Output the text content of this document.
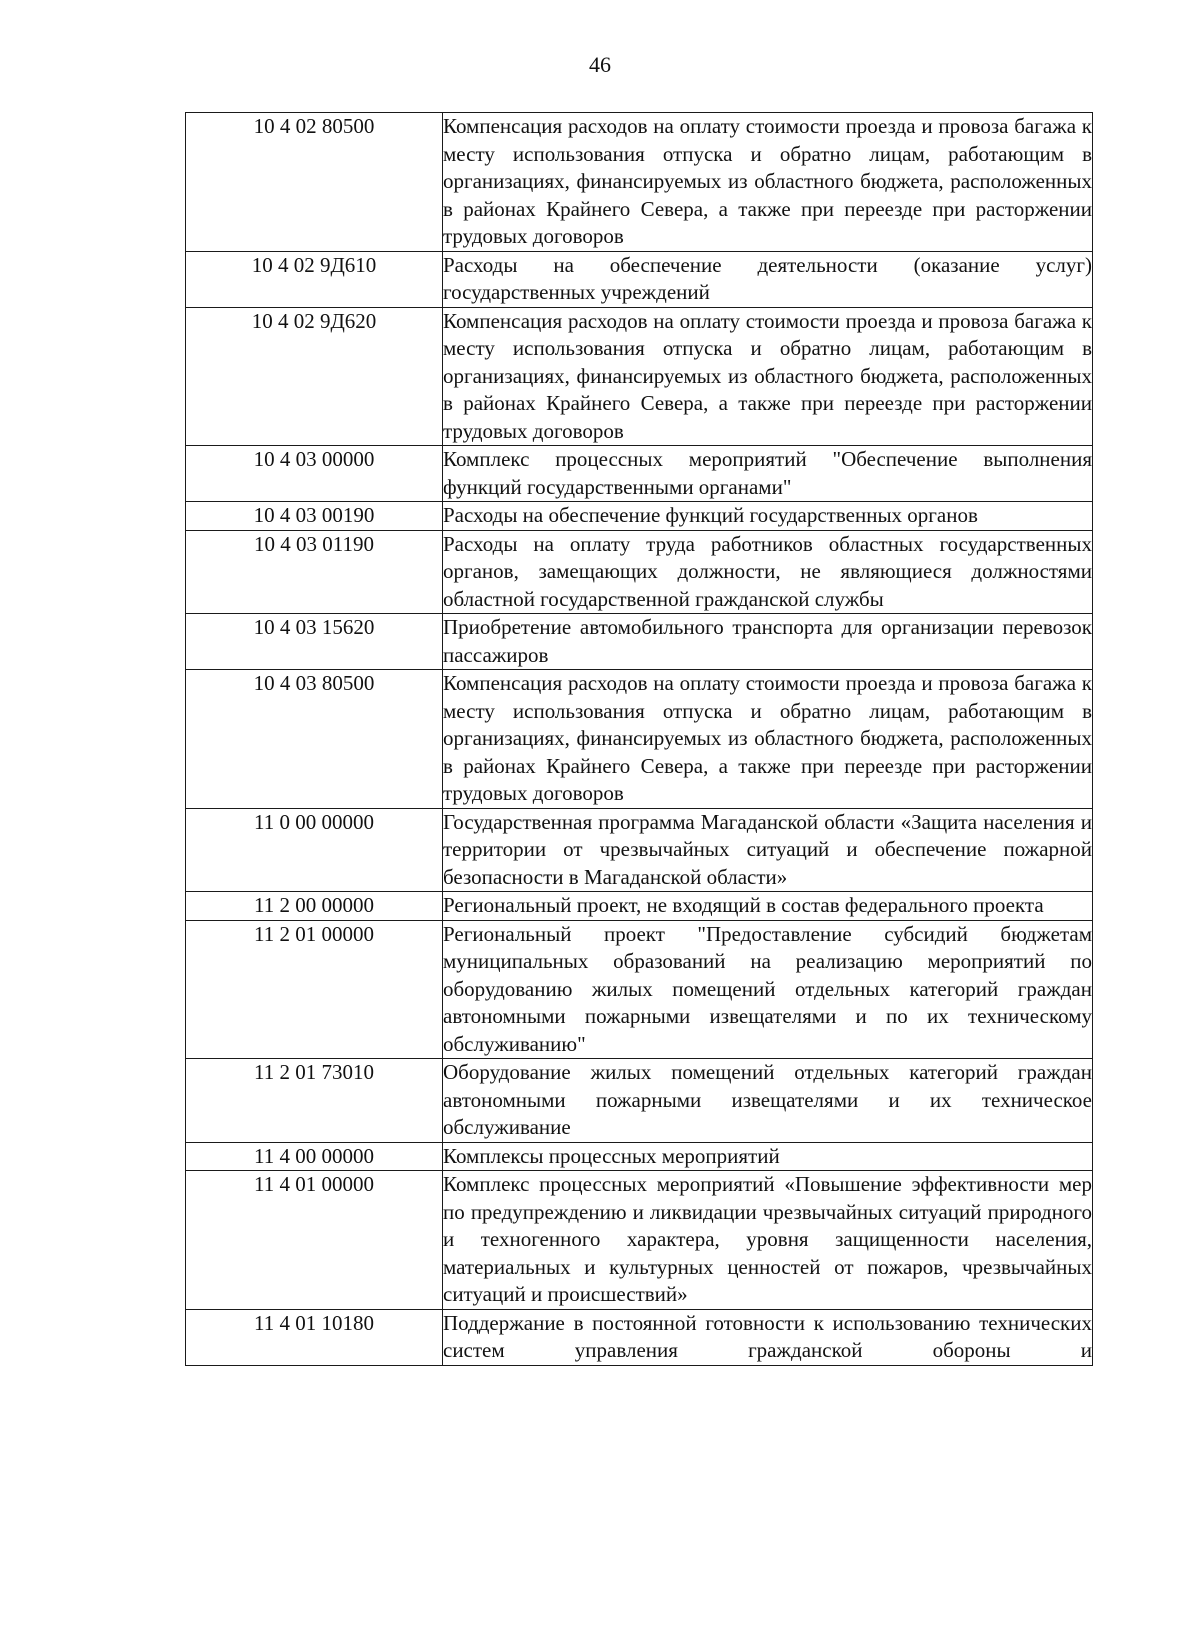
46
10 4 02 80500	Компенсация расходов на оплату стоимости проезда и провоза багажа к месту использования отпуска и обратно лицам, работающим в организациях, финансируемых из областного бюджета, расположенных в районах Крайнего Севера, а также при переезде при расторжении трудовых договоров
10 4 02 9Д610	Расходы на обеспечение деятельности (оказание услуг) государственных учреждений
10 4 02 9Д620	Компенсация расходов на оплату стоимости проезда и провоза багажа к месту использования отпуска и обратно лицам, работающим в организациях, финансируемых из областного бюджета, расположенных в районах Крайнего Севера, а также при переезде при расторжении трудовых договоров
10 4 03 00000	Комплекс процессных мероприятий "Обеспечение выполнения функций государственными органами"
10 4 03 00190	Расходы на обеспечение функций государственных органов
10 4 03 01190	Расходы на оплату труда работников областных государственных органов, замещающих должности, не являющиеся должностями областной государственной гражданской службы
10 4 03 15620	Приобретение автомобильного транспорта для организации перевозок пассажиров
10 4 03 80500	Компенсация расходов на оплату стоимости проезда и провоза багажа к месту использования отпуска и обратно лицам, работающим в организациях, финансируемых из областного бюджета, расположенных в районах Крайнего Севера, а также при переезде при расторжении трудовых договоров
11 0 00 00000	Государственная программа Магаданской области «Защита населения и территории от чрезвычайных ситуаций и обеспечение пожарной безопасности в Магаданской области»
11 2 00 00000	Региональный проект, не входящий в состав федерального проекта
11 2 01 00000	Региональный проект "Предоставление субсидий бюджетам муниципальных образований на реализацию мероприятий по оборудованию жилых помещений отдельных категорий граждан автономными пожарными извещателями и по их техническому обслуживанию"
11 2 01 73010	Оборудование жилых помещений отдельных категорий граждан автономными пожарными извещателями и их техническое обслуживание
11 4 00 00000	Комплексы процессных мероприятий
11 4 01 00000	Комплекс процессных мероприятий «Повышение эффективности мер по предупреждению и ликвидации чрезвычайных ситуаций природного и техногенного характера, уровня защищенности населения, материальных и культурных ценностей от пожаров, чрезвычайных ситуаций и происшествий»
11 4 01 10180	Поддержание в постоянной готовности к использованию технических систем управления гражданской обороны и
